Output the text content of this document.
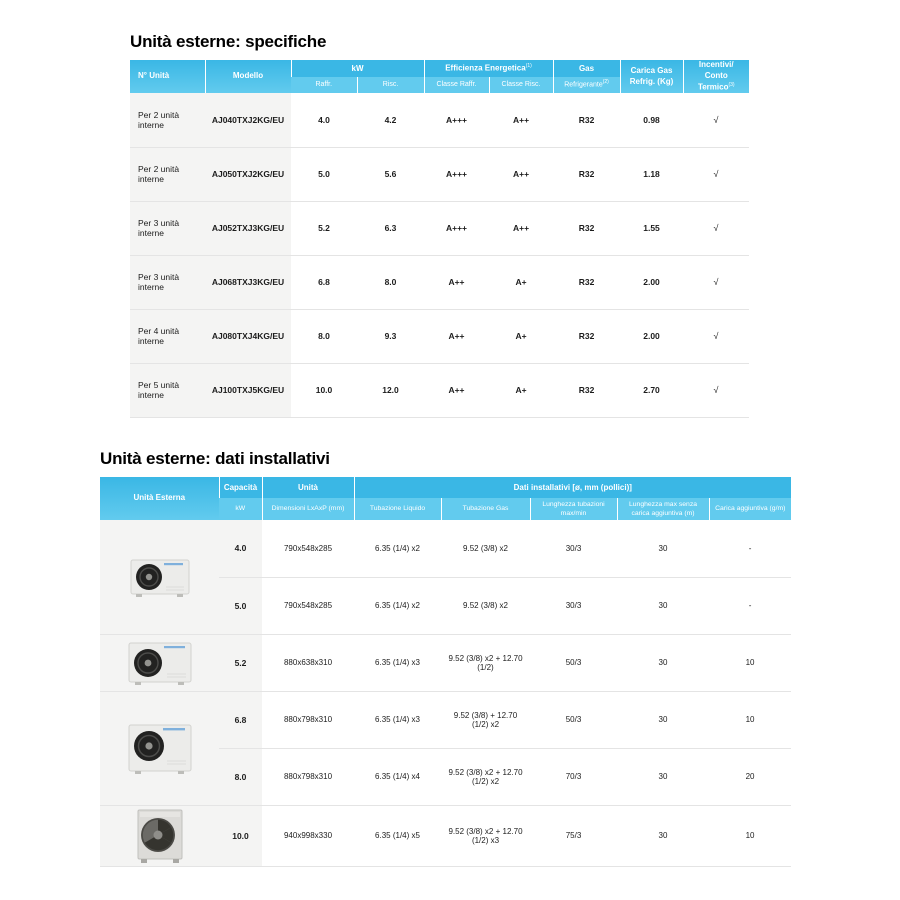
Unità esterne: specifiche
N° Unità	Modello	kW		Efficienza Energetica$^{(1)}$		Gas	Carica Gas Refrig. (Kg)	Incentivi/
Conto Termico$^{(3)}$

		Raffr.	Risc.	Classe Raffr.	Classe Risc.	Refrigerante$^{(2)}$
Per 2 unità interne	AJ040TXJ2KG/EU	4.0	4.2	A+++	A++	R32	0.98	√
Per 2 unità interne	AJ050TXJ2KG/EU	5.0	5.6	A+++	A++	R32	1.18	√
Per 3 unità interne	AJ052TXJ3KG/EU	5.2	6.3	A+++	A++	R32	1.55	√
Per 3 unità interne	AJ068TXJ3KG/EU	6.8	8.0	A++	A+	R32	2.00	√
Per 4 unità interne	AJ080TXJ4KG/EU	8.0	9.3	A++	A+	R32	2.00	√
Per 5 unità interne	AJ100TXJ5KG/EU	10.0	12.0	A++	A+	R32	2.70	√
Unità esterne: dati installativi
Unità Esterna	Capacità	Unità	Dati installativi [ø, mm (pollici)]				
	kW	Dimensioni LxAxP (mm)	Tubazione Liquido	Tubazione Gas	Lunghezza tubazioni max/min	Lunghezza max senza carica aggiuntiva (m)	Carica aggiuntiva (g/m)

	4.0	790x548x285	6.35 (1/4) x2	9.52 (3/8) x2	30/3	30	-
	5.0	790x548x285	6.35 (1/4) x2	9.52 (3/8) x2	30/3	30	-

	5.2	880x638x310	6.35 (1/4) x3	9.52 (3/8) x2 + 12.70 (1/2)	50/3	30	10

	6.8	880x798x310	6.35 (1/4) x3	9.52 (3/8) + 12.70 (1/2) x2	50/3	30	10
	8.0	880x798x310	6.35 (1/4) x4	9.52 (3/8) x2 + 12.70 (1/2) x2	70/3	30	20

	10.0	940x998x330	6.35 (1/4) x5	9.52 (3/8) x2 + 12.70 (1/2) x3	75/3	30	10
